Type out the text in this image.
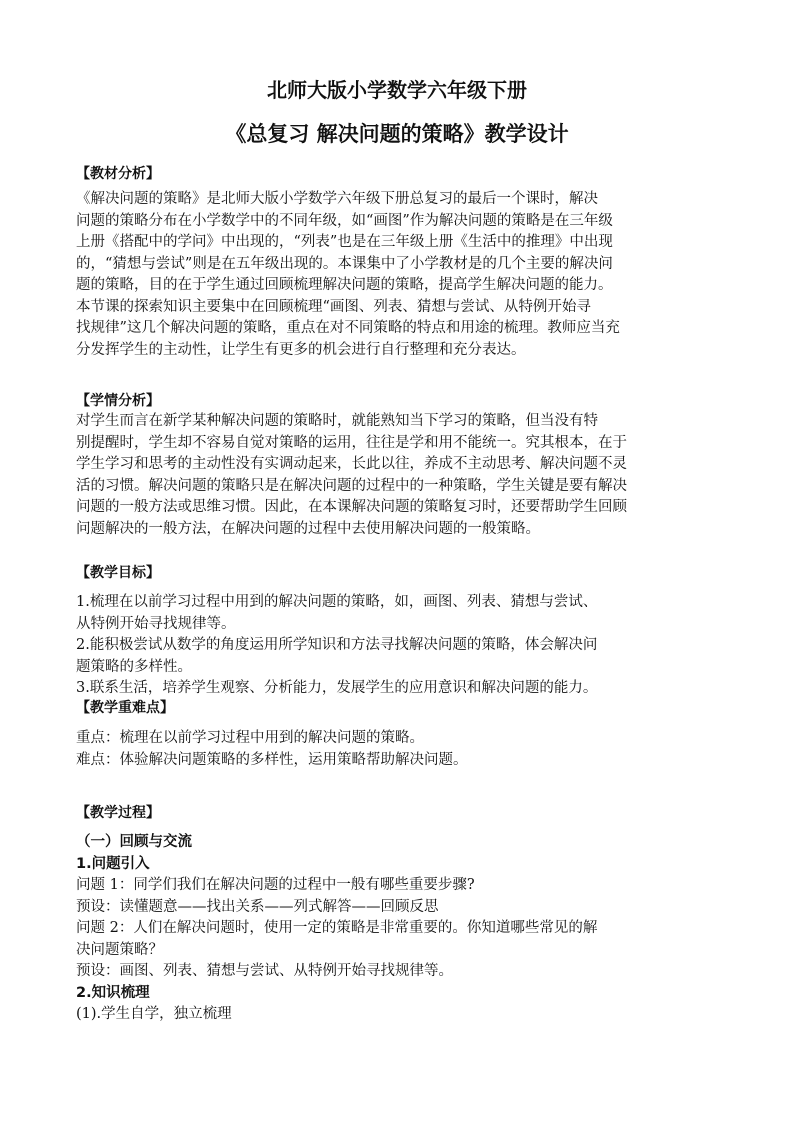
北师大版小学数学六年级下册
《总复习 解决问题的策略》教学设计
【教材分析】
《解决问题的策略》是北师大版小学数学六年级下册总复习的最后一个课时，解决
问题的策略分布在小学数学中的不同年级，如“画图”作为解决问题的策略是在三年级
上册《搭配中的学问》中出现的，“列表”也是在三年级上册《生活中的推理》中出现
的，“猜想与尝试”则是在五年级出现的。本课集中了小学教材是的几个主要的解决问
题的策略，目的在于学生通过回顾梳理解决问题的策略，提高学生解决问题的能力。
本节课的探索知识主要集中在回顾梳理“画图、列表、猜想与尝试、从特例开始寻
找规律”这几个解决问题的策略，重点在对不同策略的特点和用途的梳理。教师应当充
分发挥学生的主动性，让学生有更多的机会进行自行整理和充分表达。
【学情分析】
对学生而言在新学某种解决问题的策略时，就能熟知当下学习的策略，但当没有特
别提醒时，学生却不容易自觉对策略的运用，往往是学和用不能统一。究其根本，在于
学生学习和思考的主动性没有实调动起来，长此以往，养成不主动思考、解决问题不灵
活的习惯。解决问题的策略只是在解决问题的过程中的一种策略，学生关键是要有解决
问题的一般方法或思维习惯。因此，在本课解决问题的策略复习时，还要帮助学生回顾
问题解决的一般方法，在解决问题的过程中去使用解决问题的一般策略。
【教学目标】
1.梳理在以前学习过程中用到的解决问题的策略，如，画图、列表、猜想与尝试、
从特例开始寻找规律等。
2.能积极尝试从数学的角度运用所学知识和方法寻找解决问题的策略，体会解决问
题策略的多样性。
3.联系生活，培养学生观察、分析能力，发展学生的应用意识和解决问题的能力。
【教学重难点】
重点：梳理在以前学习过程中用到的解决问题的策略。
难点：体验解决问题策略的多样性，运用策略帮助解决问题。
【教学过程】
（一）回顾与交流
1.问题引入
问题 1：同学们我们在解决问题的过程中一般有哪些重要步骤?
预设：读懂题意——找出关系——列式解答——回顾反思
问题 2：人们在解决问题时，使用一定的策略是非常重要的。你知道哪些常见的解
决问题策略？
预设：画图、列表、猜想与尝试、从特例开始寻找规律等。
2.知识梳理
(1).学生自学，独立梳理
